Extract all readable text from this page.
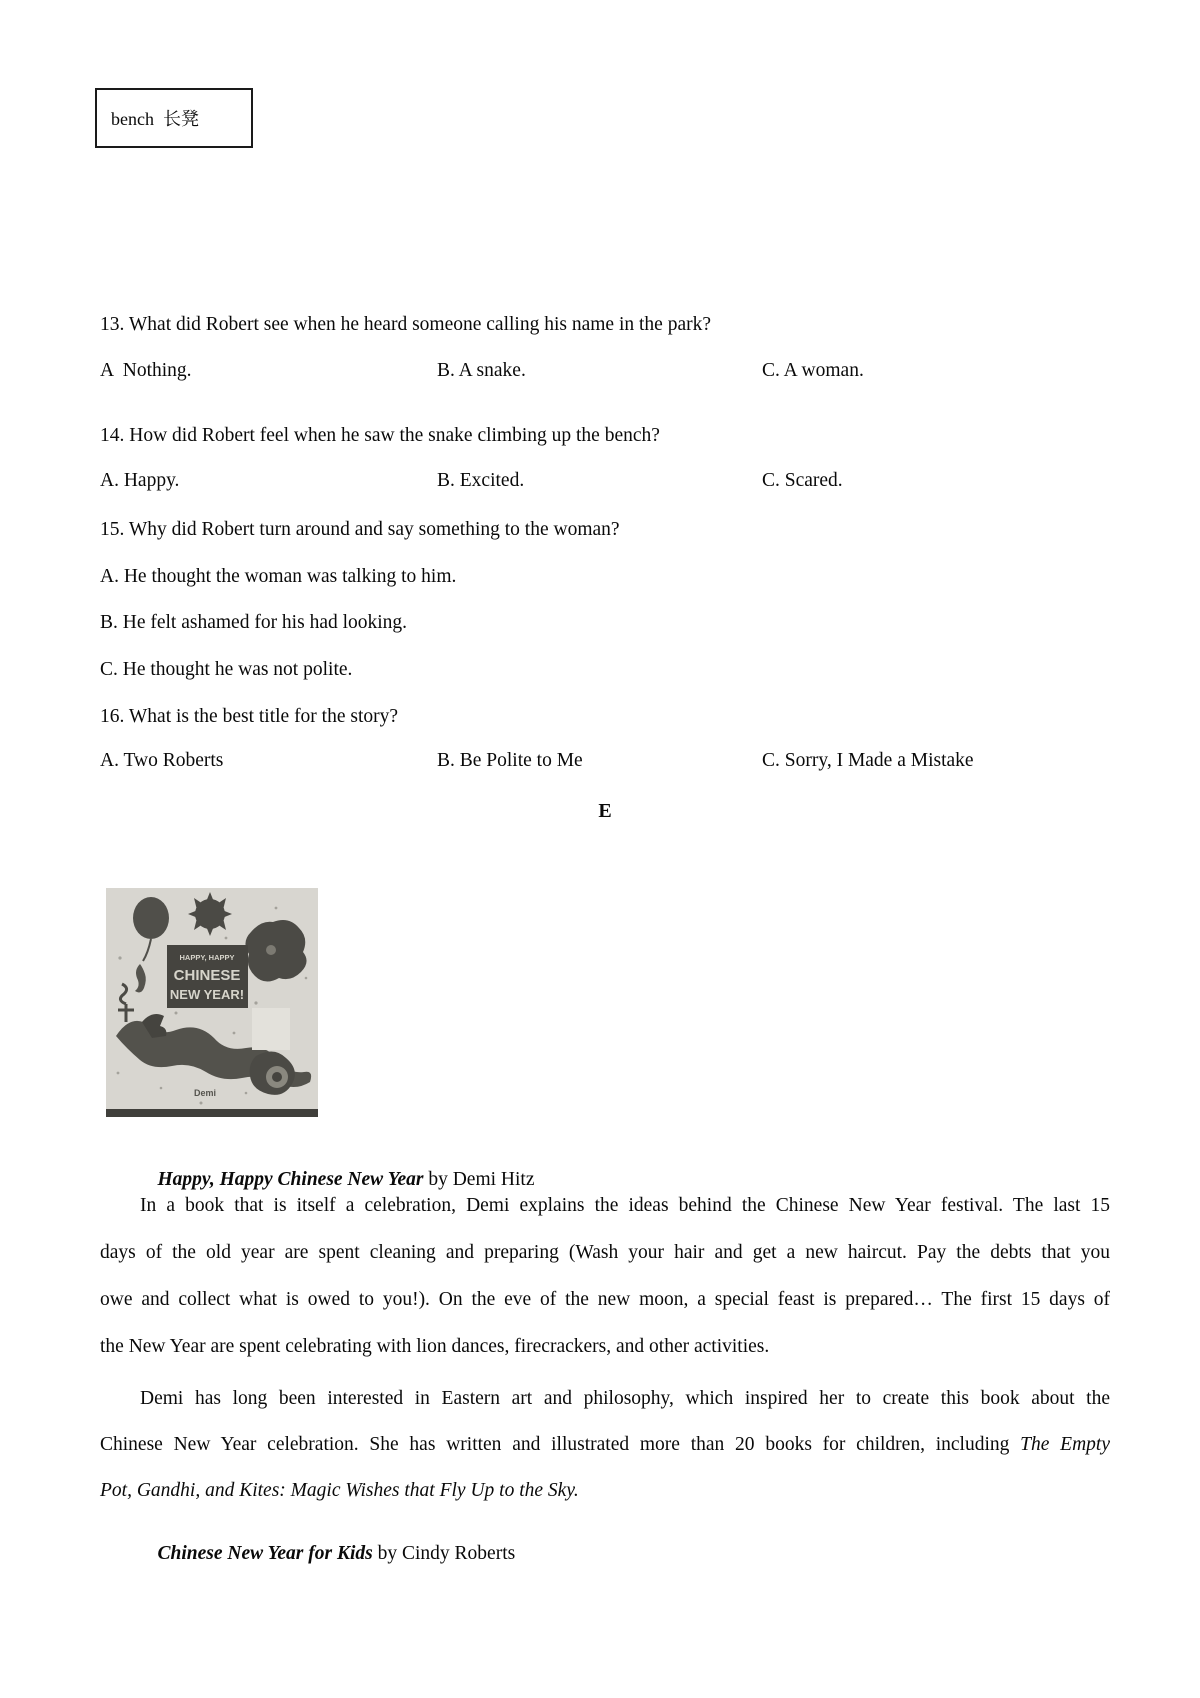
bench  长凳
13. What did Robert see when he heard someone calling his name in the park?
A  Nothing.	B. A snake.	C. A woman.
14. How did Robert feel when he saw the snake climbing up the bench?
A. Happy.	B. Excited.	C. Scared.
15. Why did Robert turn around and say something to the woman?
A. He thought the woman was talking to him.
B. He felt ashamed for his had looking.
C. He thought he was not polite.
16. What is the best title for the story?
A. Two Roberts	B. Be Polite to Me	C. Sorry, I Made a Mistake
E
HAPPY, HAPPY
CHINESE
NEW YEAR!
Demi

Happy, Happy Chinese New Year by Demi Hitz

In a book that is itself a celebration, Demi explains the ideas behind the Chinese New Year festival. The last 15
days of the old year are spent cleaning and preparing (Wash your hair and get a new haircut. Pay the debts that you
owe and collect what is owed to you!). On the eve of the new moon, a special feast is prepared… The first 15 days of
the New Year are spent celebrating with lion dances, firecrackers, and other activities.
Demi has long been interested in Eastern art and philosophy, which inspired her to create this book about the
Chinese New Year celebration. She has written and illustrated more than 20 books for children, including The Empty
Pot, Gandhi, and Kites: Magic Wishes that Fly Up to the Sky.

Chinese New Year for Kids by Cindy Roberts
